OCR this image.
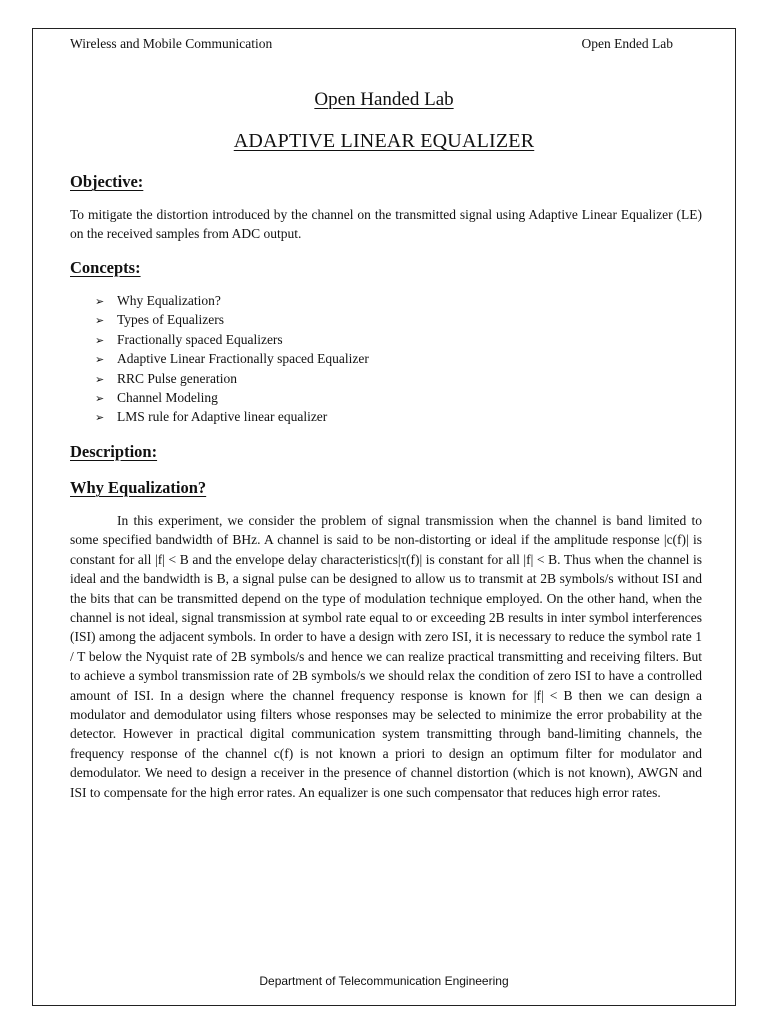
Wireless and Mobile Communication	Open Ended Lab
Open Handed Lab
ADAPTIVE LINEAR EQUALIZER
Objective:
To mitigate the distortion introduced by the channel on the transmitted signal using Adaptive Linear Equalizer (LE) on the received samples from ADC output.
Concepts:
➢ Why Equalization?
➢ Types of Equalizers
➢ Fractionally spaced Equalizers
➢ Adaptive Linear Fractionally spaced Equalizer
➢ RRC Pulse generation
➢ Channel Modeling
➢ LMS rule for Adaptive linear equalizer
Description:
Why Equalization?
In this experiment, we consider the problem of signal transmission when the channel is band limited to some specified bandwidth of BHz. A channel is said to be non-distorting or ideal if the amplitude response |c(f)| is constant for all |f| < B and the envelope delay characteristics|τ(f)| is constant for all |f| < B. Thus when the channel is ideal and the bandwidth is B, a signal pulse can be designed to allow us to transmit at 2B symbols/s without ISI and the bits that can be transmitted depend on the type of modulation technique employed. On the other hand, when the channel is not ideal, signal transmission at symbol rate equal to or exceeding 2B results in inter symbol interferences (ISI) among the adjacent symbols. In order to have a design with zero ISI, it is necessary to reduce the symbol rate 1 / T below the Nyquist rate of 2B symbols/s and hence we can realize practical transmitting and receiving filters. But to achieve a symbol transmission rate of 2B symbols/s we should relax the condition of zero ISI to have a controlled amount of ISI. In a design where the channel frequency response is known for |f| < B then we can design a modulator and demodulator using filters whose responses may be selected to minimize the error probability at the detector. However in practical digital communication system transmitting through band-limiting channels, the frequency response of the channel c(f) is not known a priori to design an optimum filter for modulator and demodulator. We need to design a receiver in the presence of channel distortion (which is not known), AWGN and ISI to compensate for the high error rates. An equalizer is one such compensator that reduces high error rates.
Department of Telecommunication Engineering
